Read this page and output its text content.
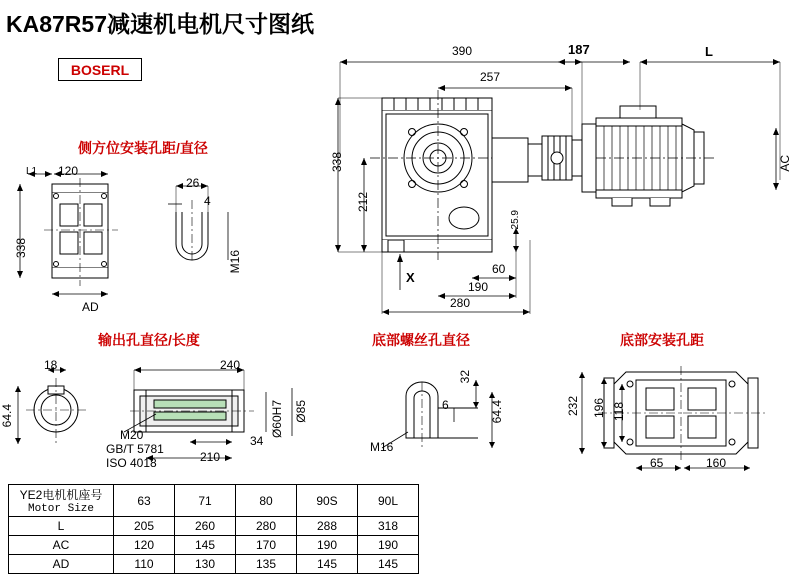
KA87R57减速机电机尺寸图纸
BOSERL
390
257
187	L
338
212
25.9
AC
X
60
190
280
侧方位安装孔距/直径
L1 120
338
AD
26
4
M16
输出孔直径/长度
18
64.4
240
210
34
Ø85
Ø60H7
M20
GB/T 5781
ISO 4018
底部螺丝孔直径
32
6	64.4
M16
底部安装孔距
232 196 118
65	160
YE2电机机座号
Motor Size	63	71	80	90S	90L
L	205	260	280	288	318
AC	120	145	170	190	190
AD	110	130	135	145	145
